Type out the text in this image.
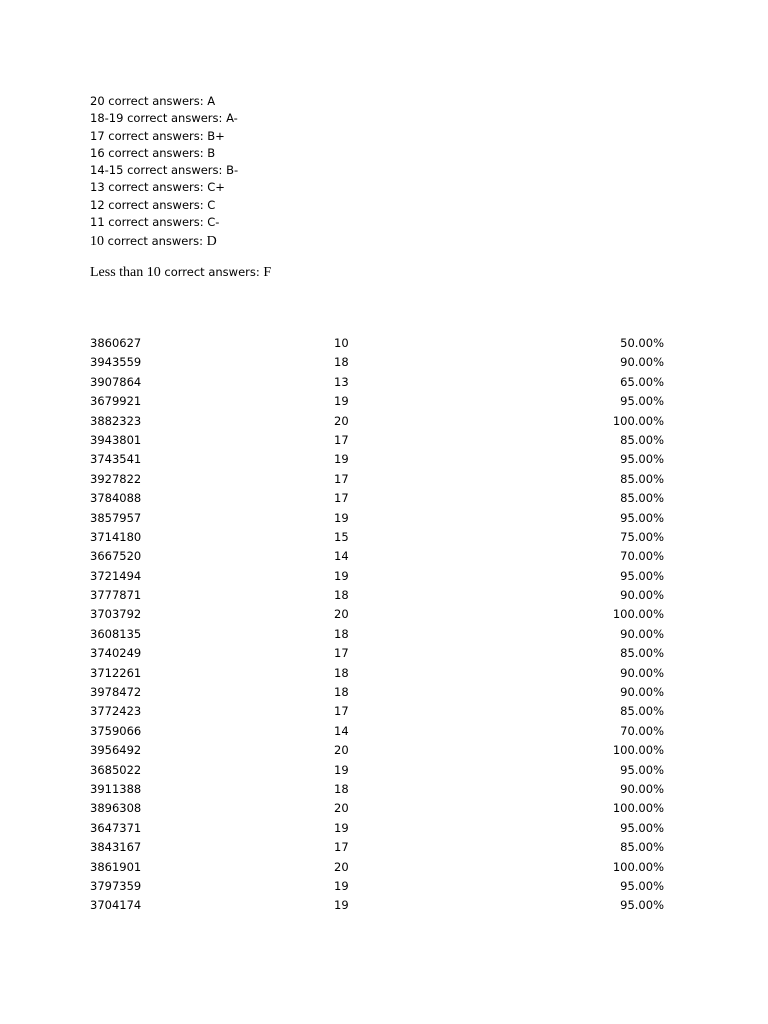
20 correct answers: A
18-19 correct answers: A-
17 correct answers: B+
16 correct answers: B
14-15 correct answers: B-
13 correct answers: C+
12 correct answers: C
11 correct answers: C-
10 correct answers: D
Less than 10 correct answers: F
3860627	10	50.00%
3943559	18	90.00%
3907864	13	65.00%
3679921	19	95.00%
3882323	20	100.00%
3943801	17	85.00%
3743541	19	95.00%
3927822	17	85.00%
3784088	17	85.00%
3857957	19	95.00%
3714180	15	75.00%
3667520	14	70.00%
3721494	19	95.00%
3777871	18	90.00%
3703792	20	100.00%
3608135	18	90.00%
3740249	17	85.00%
3712261	18	90.00%
3978472	18	90.00%
3772423	17	85.00%
3759066	14	70.00%
3956492	20	100.00%
3685022	19	95.00%
3911388	18	90.00%
3896308	20	100.00%
3647371	19	95.00%
3843167	17	85.00%
3861901	20	100.00%
3797359	19	95.00%
3704174	19	95.00%
